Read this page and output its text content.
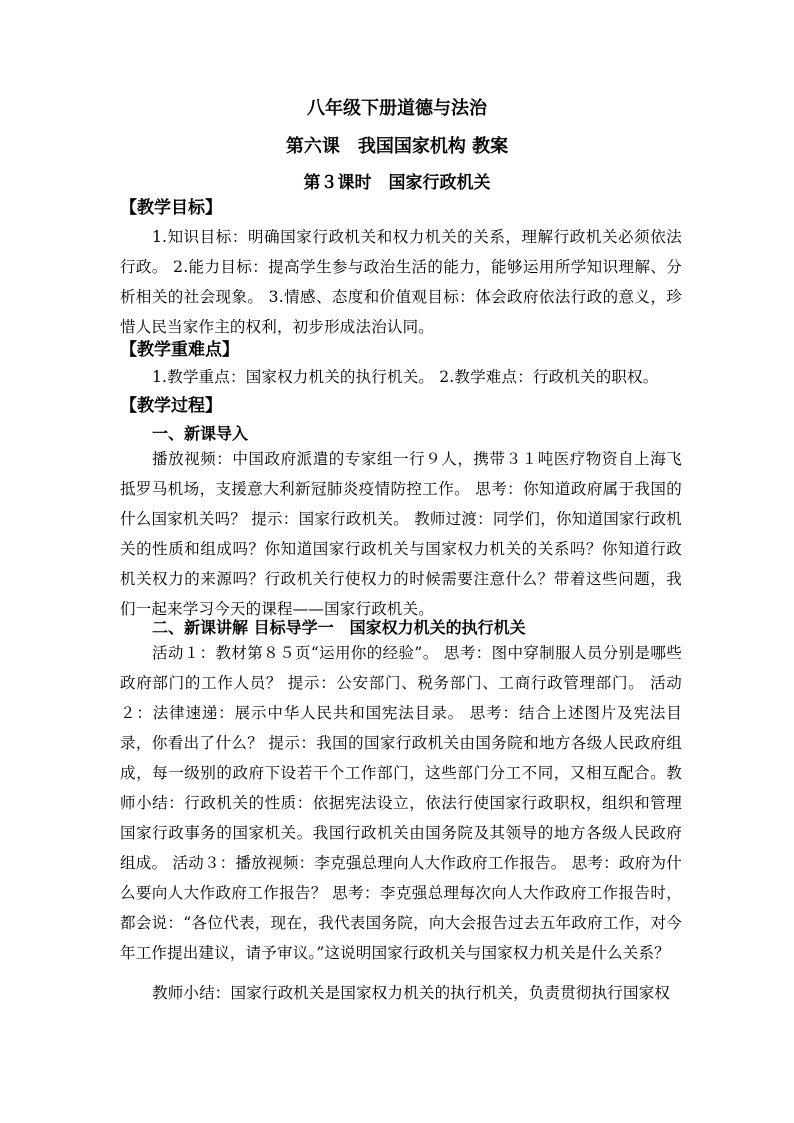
八年级下册道德与法治
第六课　我国国家机构 教案
第３课时　国家行政机关
【教学目标】
1.知识目标：明确国家行政机关和权力机关的关系，理解行政机关必须依法行政。 2.能力目标：提高学生参与政治生活的能力，能够运用所学知识理解、分析相关的社会现象。 3.情感、态度和价值观目标：体会政府依法行政的意义，珍惜人民当家作主的权利，初步形成法治认同。
【教学重难点】
1.教学重点：国家权力机关的执行机关。 2.教学难点：行政机关的职权。
【教学过程】
一、新课导入
播放视频：中国政府派遣的专家组一行９人，携带３１吨医疗物资自上海飞抵罗马机场，支援意大利新冠肺炎疫情防控工作。 思考：你知道政府属于我国的什么国家机关吗？ 提示：国家行政机关。 教师过渡：同学们，你知道国家行政机关的性质和组成吗？你知道国家行政机关与国家权力机关的关系吗？你知道行政机关权力的来源吗？行政机关行使权力的时候需要注意什么？带着这些问题，我们一起来学习今天的课程——国家行政机关。
二、新课讲解 目标导学一　国家权力机关的执行机关
活动１：教材第８５页“运用你的经验”。 思考：图中穿制服人员分别是哪些政府部门的工作人员？ 提示：公安部门、税务部门、工商行政管理部门。 活动２：法律速递：展示中华人民共和国宪法目录。 思考：结合上述图片及宪法目录，你看出了什么？ 提示：我国的国家行政机关由国务院和地方各级人民政府组成，每一级别的政府下设若干个工作部门，这些部门分工不同，又相互配合。教师小结：行政机关的性质：依据宪法设立，依法行使国家行政职权，组织和管理国家行政事务的国家机关。我国行政机关由国务院及其领导的地方各级人民政府组成。 活动３：播放视频：李克强总理向人大作政府工作报告。 思考：政府为什么要向人大作政府工作报告？ 思考：李克强总理每次向人大作政府工作报告时，都会说：“各位代表，现在，我代表国务院，向大会报告过去五年政府工作，对今年工作提出建议，请予审议。”这说明国家行政机关与国家权力机关是什么关系？
教师小结：国家行政机关是国家权力机关的执行机关，负责贯彻执行国家权
